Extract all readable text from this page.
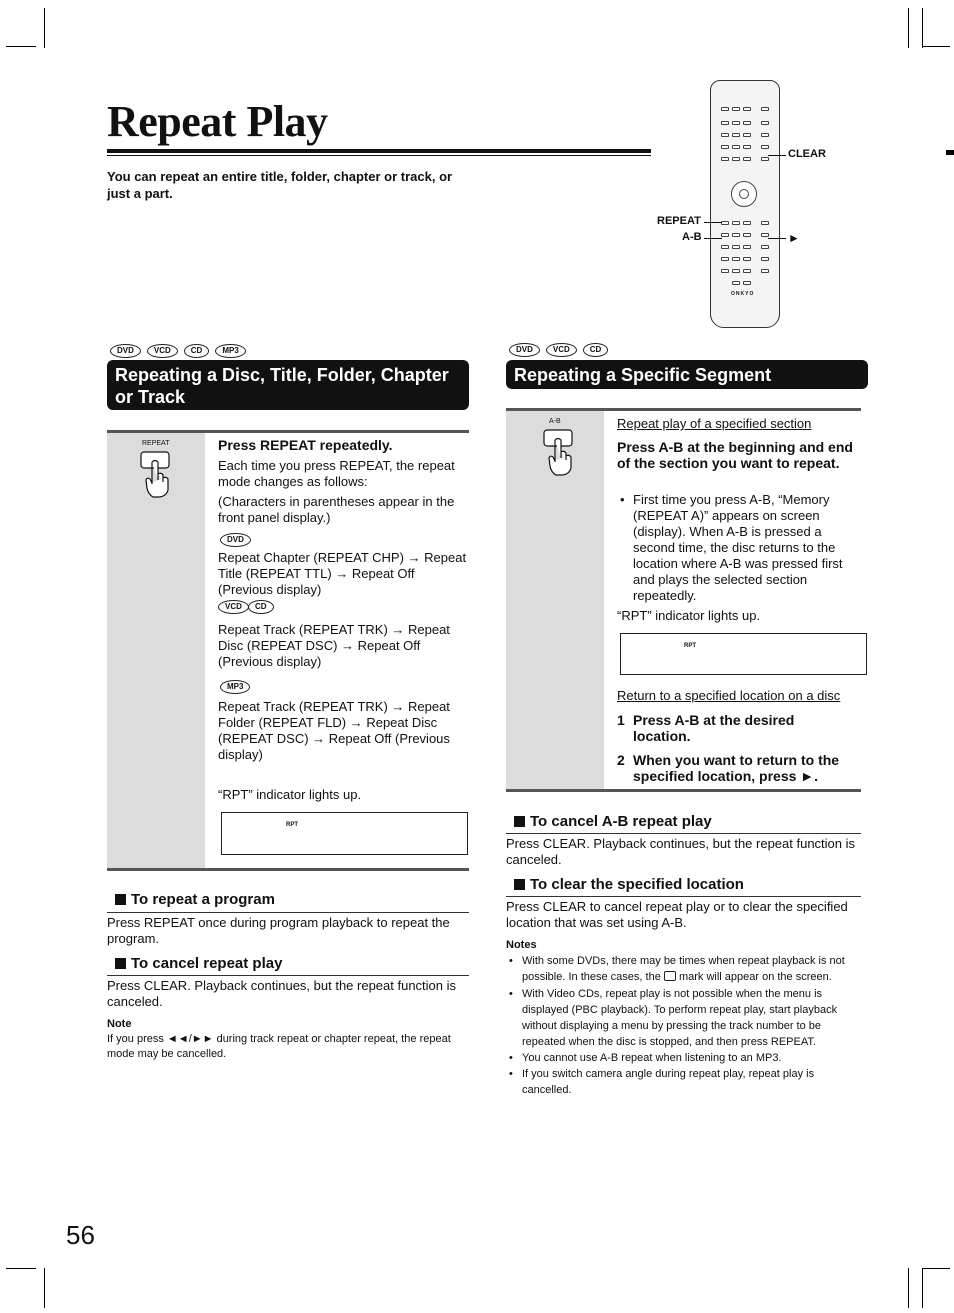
Repeat Play
You can repeat an entire title, folder, chapter or track, or just a part.
ONKYO
CLEAR
REPEAT
A-B	►
DVD	VCD	CD	MP3
Repeating a Disc, Title, Folder, Chapter or Track
REPEAT	Press REPEAT repeatedly.
Each time you press REPEAT, the repeat mode changes as follows:
(Characters in parentheses appear in the front panel display.)
DVD
Repeat Chapter (REPEAT CHP) → Repeat Title (REPEAT TTL) → Repeat Off (Previous display)
VCD	CD
Repeat Track (REPEAT TRK) → Repeat Disc (REPEAT DSC) → Repeat Off (Previous display)
MP3
Repeat Track (REPEAT TRK) → Repeat Folder (REPEAT FLD) → Repeat Disc (REPEAT DSC) → Repeat Off (Previous display)
“RPT” indicator lights up.
RPT
To repeat a program
Press REPEAT once during program playback to repeat the program.
To cancel repeat play
Press CLEAR. Playback continues, but the repeat function is canceled.
Note
If you press ◄◄/►► during track repeat or chapter repeat, the repeat mode may be cancelled.
DVD	VCD	CD
Repeating a Specific Segment
A-B	Repeat play of a specified section
Press A-B at the beginning and end of the section you want to repeat.
• First time you press A-B, “Memory (REPEAT A)” appears on screen (display). When A-B is pressed a second time, the disc returns to the location where A-B was pressed first and plays the selected section repeatedly.
“RPT” indicator lights up.
RPT
Return to a specified location on a disc
1 Press A-B at the desired location.
2 When you want to return to the specified location, press ►.
To cancel A-B repeat play
Press CLEAR. Playback continues, but the repeat function is canceled.
To clear the specified location
Press CLEAR to cancel repeat play or to clear the specified location that was set using A-B.
Notes
• With some DVDs, there may be times when repeat playback is not possible. In these cases, the mark will appear on the screen.
• With Video CDs, repeat play is not possible when the menu is displayed (PBC playback). To perform repeat play, start playback without displaying a menu by pressing the track number to be repeated when the disc is stopped, and then press REPEAT.
• You cannot use A-B repeat when listening to an MP3.
• If you switch camera angle during repeat play, repeat play is cancelled.
56
